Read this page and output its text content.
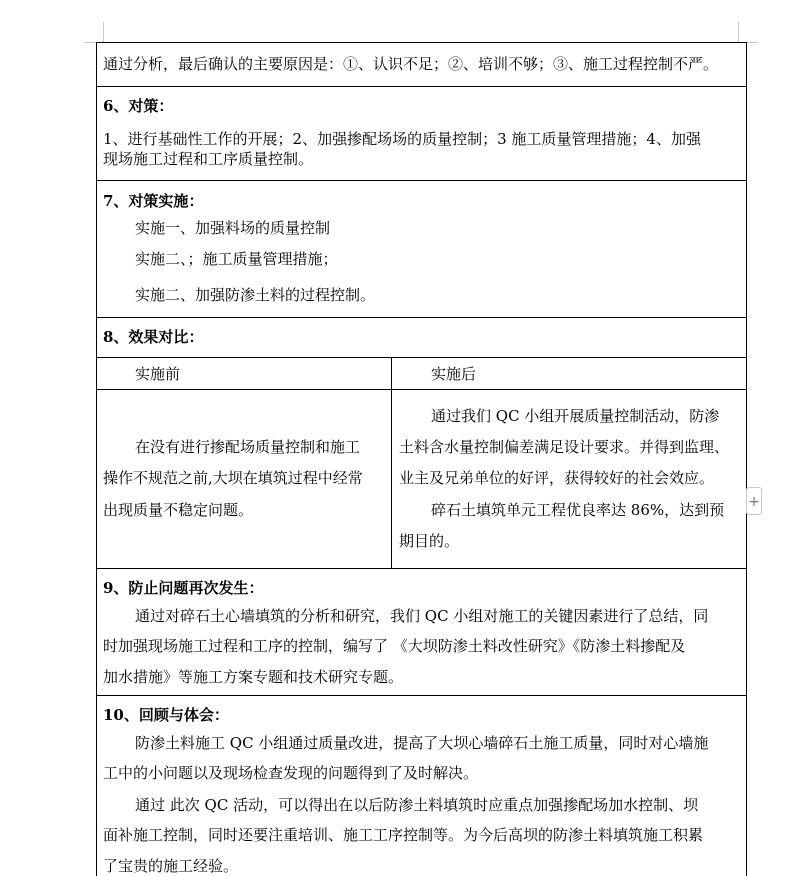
通过分析，最后确认的主要原因是：①、认识不足；②、培训不够；③、施工过程控制不严。
6、对策：
1、进行基础性工作的开展；2、加强掺配场场的质量控制；3 施工质量管理措施；4、加强
现场施工过程和工序质量控制。
7、对策实施：
实施一、加强料场的质量控制
实施二、；施工质量管理措施；
实施二、加强防渗土料的过程控制。
8、效果对比：
实施前	实施后
在没有进行掺配场质量控制和施工
操作不规范之前,大坝在填筑过程中经常
出现质量不稳定问题。
通过我们 QC 小组开展质量控制活动，防渗
土料含水量控制偏差满足设计要求。并得到监理、
业主及兄弟单位的好评，获得较好的社会效应。
碎石土填筑单元工程优良率达 86%，达到预
期目的。
9、防止问题再次发生：
通过对碎石土心墙填筑的分析和研究，我们 QC 小组对施工的关键因素进行了总结，同
时加强现场施工过程和工序的控制，编写了 《大坝防渗土料改性研究》《防渗土料掺配及
加水措施》等施工方案专题和技术研究专题。
10、回顾与体会：
防渗土料施工 QC 小组通过质量改进，提高了大坝心墙碎石土施工质量，同时对心墙施
工中的小问题以及现场检查发现的问题得到了及时解决。
通过 此次 QC 活动，可以得出在以后防渗土料填筑时应重点加强掺配场加水控制、坝
面补施工控制，同时还要注重培训、施工工序控制等。为今后高坝的防渗土料填筑施工积累
了宝贵的施工经验。
+
